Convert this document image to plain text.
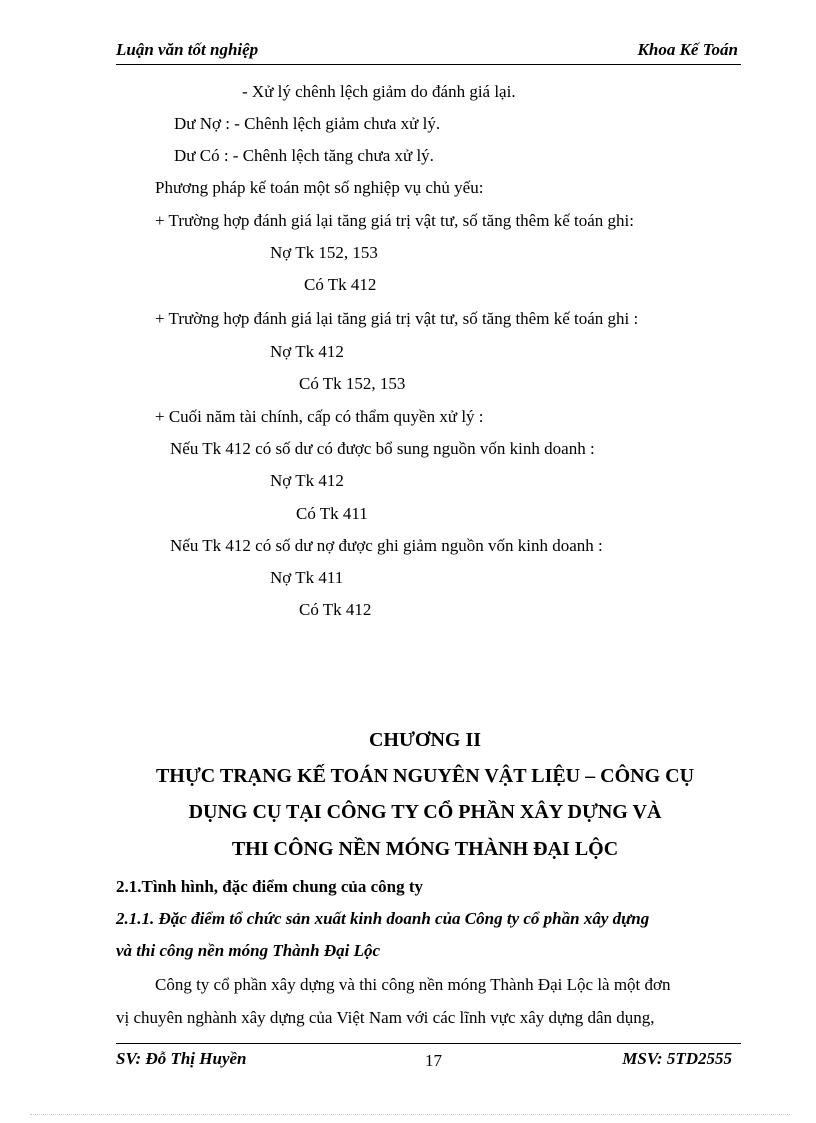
Luận văn tốt nghiệp	Khoa Kế Toán
- Xử lý chênh lệch giảm do đánh giá lại.
Dư Nợ : - Chênh lệch giảm chưa xử lý.
Dư Có : - Chênh lệch tăng chưa xử lý.
Phương pháp kế toán một số nghiệp vụ chủ yếu:
+ Trường hợp đánh giá lại tăng giá trị vật tư, số tăng thêm kế toán ghi:
Nợ Tk 152, 153
Có Tk 412
+ Trường hợp đánh giá lại tăng giá trị vật tư, số tăng thêm kế toán ghi :
Nợ Tk 412
Có Tk 152, 153
+ Cuối năm tài chính, cấp có thẩm quyền xử lý :
Nếu Tk 412 có số dư có được bổ sung nguồn vốn kinh doanh :
Nợ Tk 412
Có Tk 411
Nếu Tk 412 có số dư nợ được ghi giảm nguồn vốn kinh doanh :
Nợ Tk 411
Có Tk 412
CHƯƠNG II
THỰC TRẠNG KẾ TOÁN NGUYÊN VẬT LIỆU – CÔNG CỤ
DỤNG CỤ TẠI CÔNG TY CỔ PHẦN XÂY DỰNG VÀ
THI CÔNG NỀN MÓNG THÀNH ĐẠI LỘC
2.1.Tình hình, đặc điểm chung của công ty
2.1.1. Đặc điểm tổ chức sản xuất kinh doanh của Công ty cổ phần xây dựng
và thi công nền móng Thành Đại Lộc
Công ty cổ phần xây dựng và thi công nền móng Thành Đại Lộc là một đơn
vị chuyên nghành xây dựng của Việt Nam với các lĩnh vực xây dựng dân dụng,
SV: Đỗ Thị Huyền	17	MSV: 5TD2555
